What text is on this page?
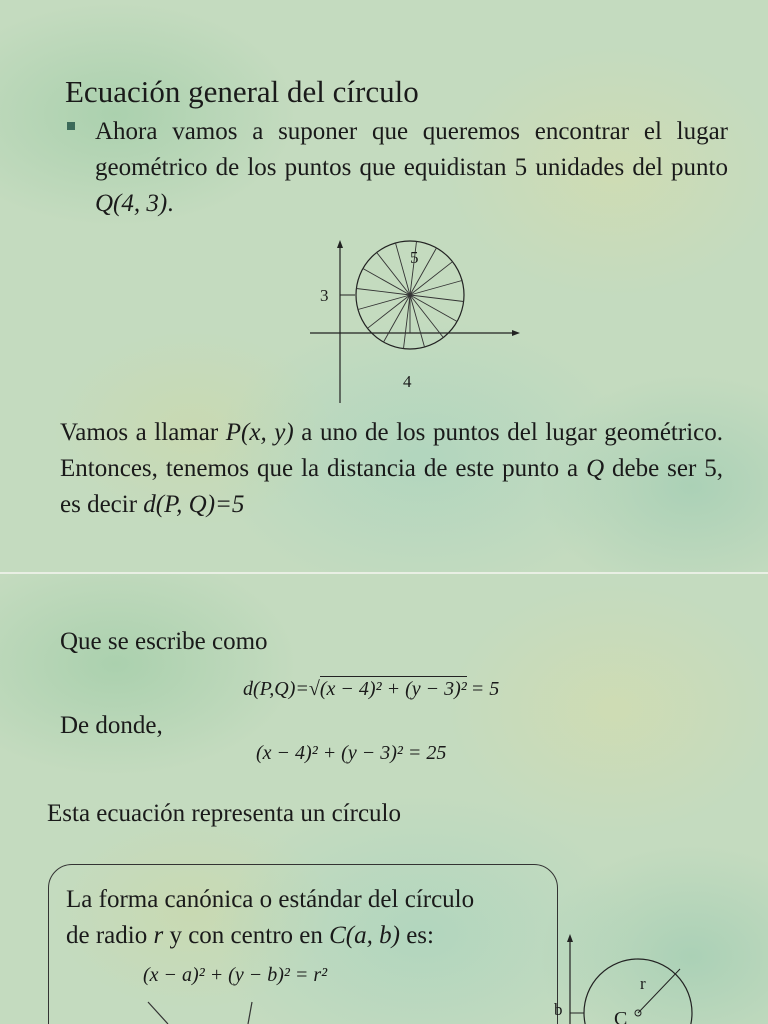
Ecuación general del círculo

Ahora vamos a suponer que queremos encontrar el lugar geométrico de los puntos que equidistan 5 unidades del punto Q(4, 3).

3
4
5

Vamos a llamar P(x, y) a uno de los puntos del lugar geométrico. Entonces, tenemos que la distancia de este punto a Q debe ser 5, es decir d(P, Q)=5

Que se escribe como

d(P,Q)=√(x − 4)² + (y − 3)² = 5

De donde,

(x − 4)² + (y − 3)² = 25

Esta ecuación representa un círculo

La forma canónica o estándar del círculo

de radio r y con centro en C(a, b) es:

(x − a)² + (y − b)² = r²	r
b	C
